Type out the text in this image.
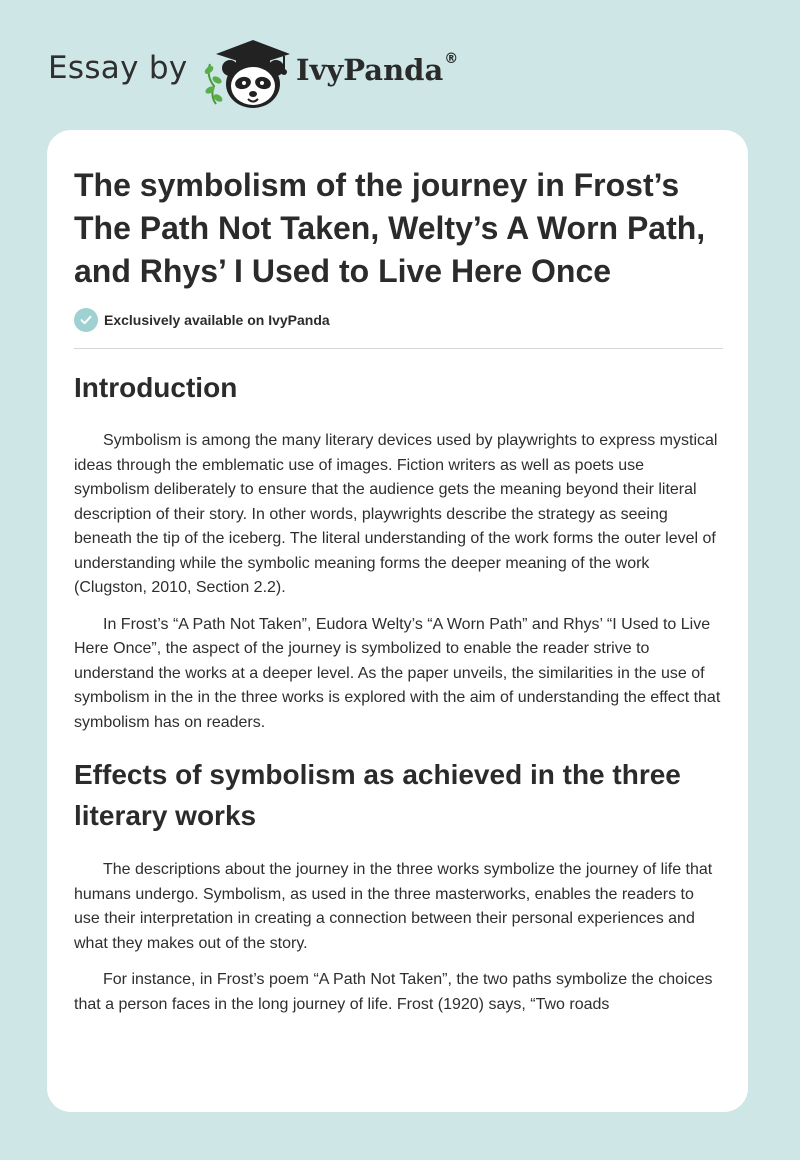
Essay by	IvyPanda®
The symbolism of the journey in Frost’s The Path Not Taken, Welty’s A Worn Path, and Rhys’ I Used to Live Here Once
Exclusively available on IvyPanda
Introduction

Symbolism is among the many literary devices used by playwrights to express mystical ideas through the emblematic use of images. Fiction writers as well as poets use symbolism deliberately to ensure that the audience gets the meaning beyond their literal description of their story. In other words, playwrights describe the strategy as seeing beneath the tip of the iceberg. The literal understanding of the work forms the outer level of understanding while the symbolic meaning forms the deeper meaning of the work (Clugston, 2010, Section 2.2).

In Frost’s “A Path Not Taken”, Eudora Welty’s “A Worn Path” and Rhys’ “I Used to Live Here Once”, the aspect of the journey is symbolized to enable the reader strive to understand the works at a deeper level. As the paper unveils, the similarities in the use of symbolism in the in the three works is explored with the aim of understanding the effect that symbolism has on readers.

Effects of symbolism as achieved in the three literary works

The descriptions about the journey in the three works symbolize the journey of life that humans undergo. Symbolism, as used in the three masterworks, enables the readers to use their interpretation in creating a connection between their personal experiences and what they makes out of the story.

For instance, in Frost’s poem “A Path Not Taken”, the two paths symbolize the choices that a person faces in the long journey of life. Frost (1920) says, “Two roads
